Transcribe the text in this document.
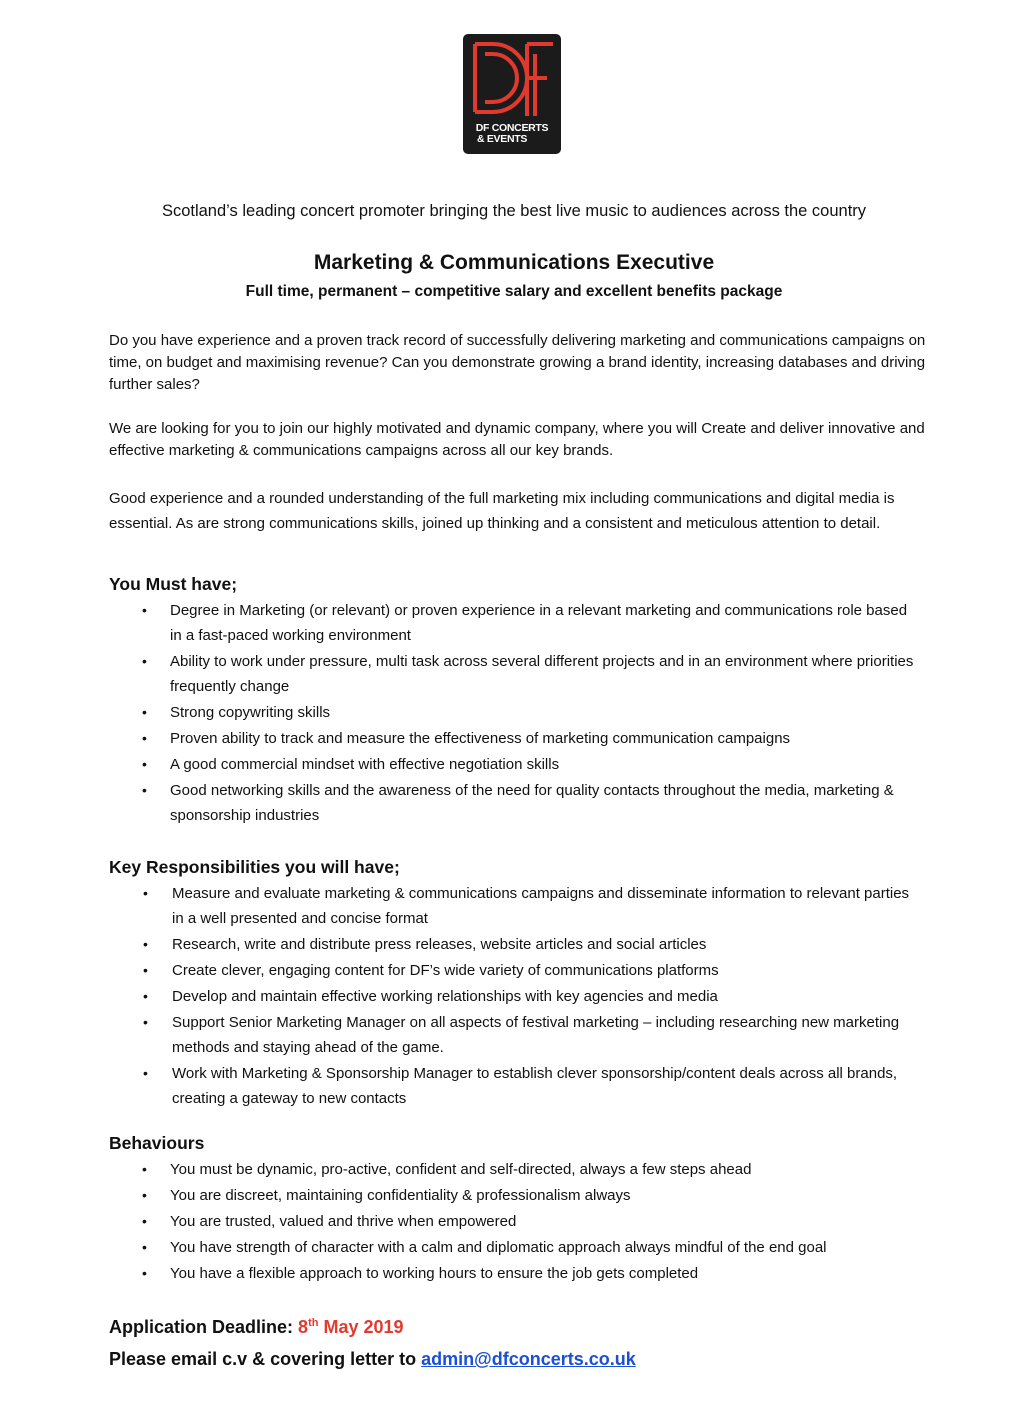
DF CONCERTS
& EVENTS
Scotland’s leading concert promoter bringing the best live music to audiences across the country
Marketing & Communications Executive
Full time, permanent – competitive salary and excellent benefits package
Do you have experience and a proven track record of successfully delivering marketing and communications campaigns on time, on budget and maximising revenue? Can you demonstrate growing a brand identity, increasing databases and driving further sales?
We are looking for you to join our highly motivated and dynamic company, where you will Create and deliver innovative and effective marketing & communications campaigns across all our key brands.
Good experience and a rounded understanding of the full marketing mix including communications and digital media is essential. As are strong communications skills, joined up thinking and a consistent and meticulous attention to detail.
You Must have;
• Degree in Marketing (or relevant) or proven experience in a relevant marketing and communications role based in a fast-paced working environment
• Ability to work under pressure, multi task across several different projects and in an environment where priorities frequently change
• Strong copywriting skills
• Proven ability to track and measure the effectiveness of marketing communication campaigns
• A good commercial mindset with effective negotiation skills
• Good networking skills and the awareness of the need for quality contacts throughout the media, marketing & sponsorship industries
Key Responsibilities you will have;
• Measure and evaluate marketing & communications campaigns and disseminate information to relevant parties in a well presented and concise format
• Research, write and distribute press releases, website articles and social articles
• Create clever, engaging content for DF’s wide variety of communications platforms
• Develop and maintain effective working relationships with key agencies and media
• Support Senior Marketing Manager on all aspects of festival marketing – including researching new marketing methods and staying ahead of the game.
• Work with Marketing & Sponsorship Manager to establish clever sponsorship/content deals across all brands, creating a gateway to new contacts
Behaviours
• You must be dynamic, pro-active, confident and self-directed, always a few steps ahead
• You are discreet, maintaining confidentiality & professionalism always
• You are trusted, valued and thrive when empowered
• You have strength of character with a calm and diplomatic approach always mindful of the end goal
• You have a flexible approach to working hours to ensure the job gets completed
Application Deadline: 8th May 2019
Please email c.v & covering letter to admin@dfconcerts.co.uk
